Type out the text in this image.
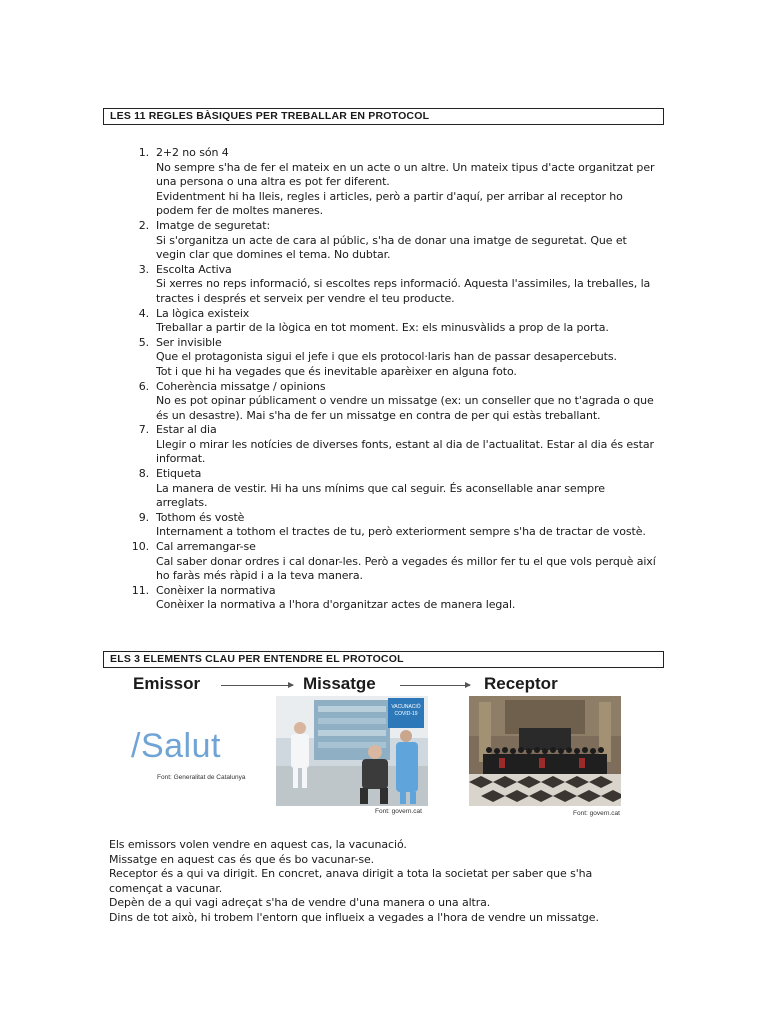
LES 11 REGLES BÀSIQUES PER TREBALLAR EN PROTOCOL
1. 2+2 no són 4
No sempre s'ha de fer el mateix en un acte o un altre. Un mateix tipus d'acte organitzat per una persona o una altra es pot fer diferent.
Evidentment hi ha lleis, regles i articles, però a partir d'aquí, per arribar al receptor ho podem fer de moltes maneres.
2. Imatge de seguretat:
Si s'organitza un acte de cara al públic, s'ha de donar una imatge de seguretat. Que et vegin clar que domines el tema. No dubtar.
3. Escolta Activa
Si xerres no reps informació, si escoltes reps informació. Aquesta l'assimiles, la treballes, la tractes i després et serveix per vendre el teu producte.
4. La lògica existeix
Treballar a partir de la lògica en tot moment. Ex: els minusvàlids a prop de la porta.
5. Ser invisible
Que el protagonista sigui el jefe i que els protocol·laris han de passar desapercebuts.
Tot i que hi ha vegades que és inevitable aparèixer en alguna foto.
6. Coherència missatge / opinions
No es pot opinar públicament o vendre un missatge (ex: un conseller que no t'agrada o que és un desastre). Mai s'ha de fer un missatge en contra de per qui estàs treballant.
7. Estar al dia
Llegir o mirar les notícies de diverses fonts, estant al dia de l'actualitat. Estar al dia és estar informat.
8. Etiqueta
La manera de vestir. Hi ha uns mínims que cal seguir. És aconsellable anar sempre arreglats.
9. Tothom és vostè
Internament a tothom el tractes de tu, però exteriorment sempre s'ha de tractar de vostè.
10. Cal arremangar-se
Cal saber donar ordres i cal donar-les. Però a vegades és millor fer tu el que vols perquè així ho faràs més ràpid i a la teva manera.
11. Conèixer la normativa
Conèixer la normativa a l'hora d'organitzar actes de manera legal.
ELS 3 ELEMENTS CLAU PER ENTENDRE EL PROTOCOL
Emissor	Missatge	Receptor
/Salut
Font: Generalitat de Catalunya
VACUNACIÓ
COVID-19
Font: govern.cat	Font: govern.cat

Els emissors volen vendre en aquest cas, la vacunació.

Missatge en aquest cas és que és bo vacunar-se.

Receptor és a qui va dirigit. En concret, anava dirigit a tota la societat per saber que s'ha començat a vacunar.

Depèn de a qui vagi adreçat s'ha de vendre d'una manera o una altra.

Dins de tot això, hi trobem l'entorn que influeix a vegades a l'hora de vendre un missatge.
